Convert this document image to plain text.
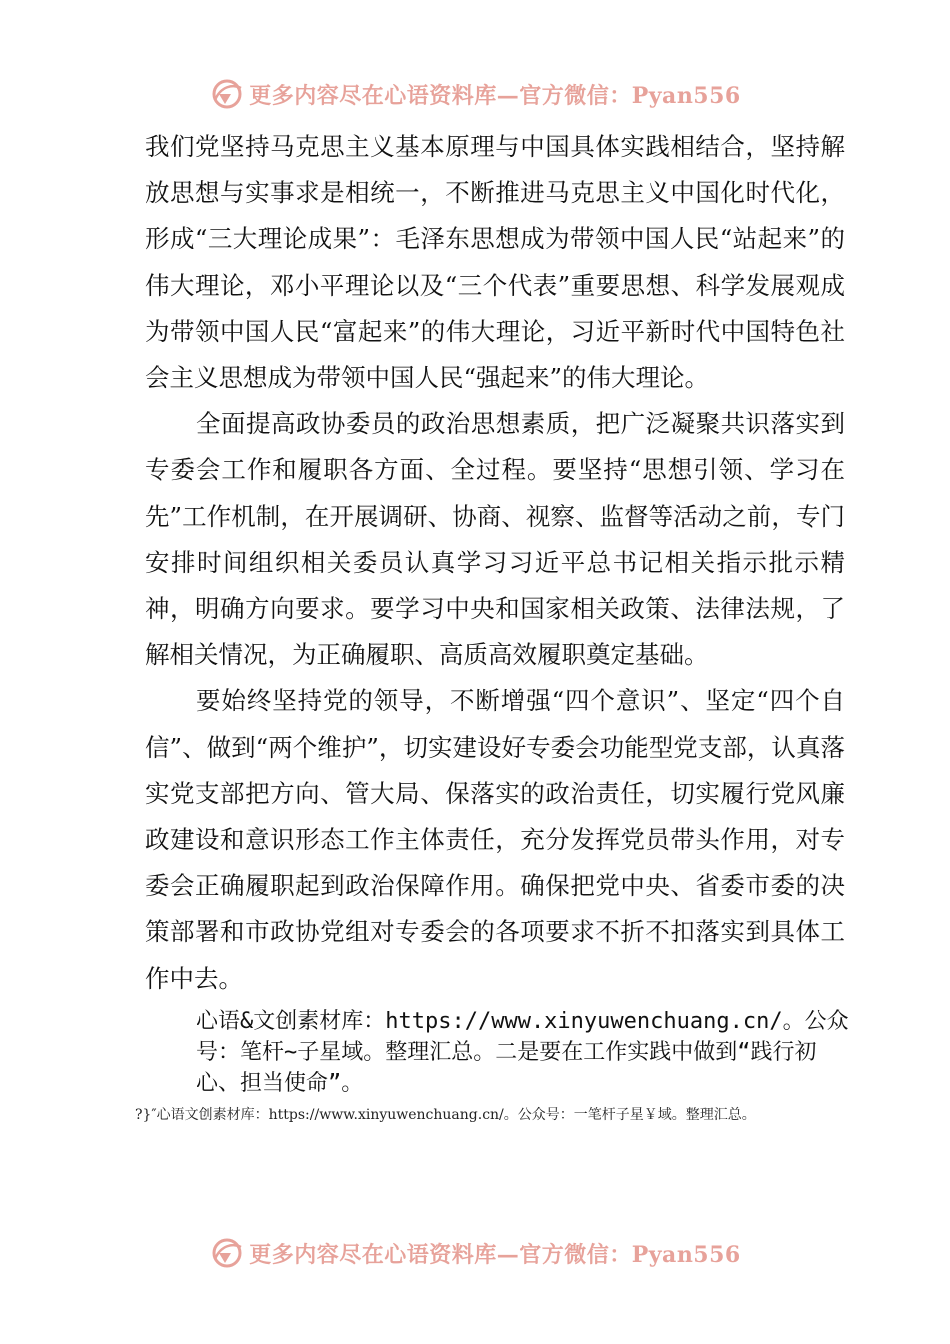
更多内容尽在心语资料库—官方微信：Pyan556

我们党坚持马克思主义基本原理与中国具体实践相结合，坚持解放思想与实事求是相统一，不断推进马克思主义中国化时代化，形成“三大理论成果”：毛泽东思想成为带领中国人民“站起来”的伟大理论，邓小平理论以及“三个代表”重要思想、科学发展观成为带领中国人民“富起来”的伟大理论，习近平新时代中国特色社会主义思想成为带领中国人民“强起来”的伟大理论。

全面提高政协委员的政治思想素质，把广泛凝聚共识落实到专委会工作和履职各方面、全过程。要坚持“思想引领、学习在先”工作机制，在开展调研、协商、视察、监督等活动之前，专门安排时间组织相关委员认真学习习近平总书记相关指示批示精神，明确方向要求。要学习中央和国家相关政策、法律法规，了解相关情况，为正确履职、高质高效履职奠定基础。

要始终坚持党的领导，不断增强“四个意识”、坚定“四个自信”、做到“两个维护”，切实建设好专委会功能型党支部，认真落实党支部把方向、管大局、保落实的政治责任，切实履行党风廉政建设和意识形态工作主体责任，充分发挥党员带头作用，对专委会正确履职起到政治保障作用。确保把党中央、省委市委的决策部署和市政协党组对专委会的各项要求不折不扣落实到具体工作中去。

心语&文创素材库：https://www.xinyuwenchuang.cn/。公众号：笔杆~子星域。整理汇总。二是要在工作实践中做到“践行初心、担当使命”。

?}″心语文创素材库：https://www.xinyuwenchuang.cn/。公众号：一笔杆子星￥域。整理汇总。

更多内容尽在心语资料库—官方微信：Pyan556
